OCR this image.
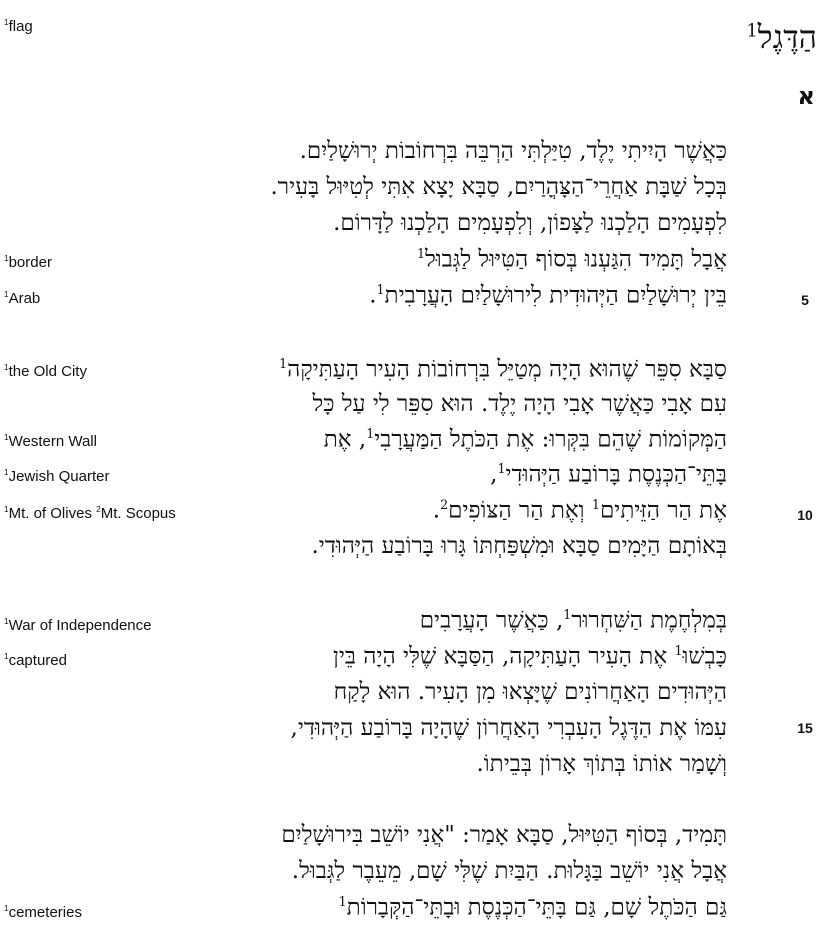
הַדֶּגֶל$^1$
א
$^1$flag
$^1$border
$^1$Arab
$^1$the Old City
$^1$Western Wall
$^1$Jewish Quarter
$^1$Mt. of Olives $^2$Mt. Scopus
$^1$War of Independence
$^1$captured
$^1$cemeteries
5
10
15
כַּאֲשֶׁר הָיִיתִי יֶלֶד, טִיַּלְתִּי הַרְבֵּה בִּרְחוֹבוֹת יְרוּשָׁלַיִם.
בְּכָל שַׁבָּת אַחֲרֵי־הַצָּהֳרַיִם, סַבָּא יָצָא אִתִּי לְטִיּוּל בָּעִיר.
לִפְעָמִים הָלַכְנוּ לַצָּפוֹן, וְלִפְעָמִים הָלַכְנוּ לַדָּרוֹם.
אֲבָל תָּמִיד הִגַּעְנוּ בְּסוֹף הַטִּיּוּל לַגְּבוּל$^1$
בֵּין יְרוּשָׁלַיִם הַיְּהוּדִית לִירוּשָׁלַיִם הָעֲרָבִית$^1$.
סַבָּא סִפֵּר שֶׁהוּא הָיָה מְטַיֵּל בִּרְחוֹבוֹת הָעִיר הָעַתִּיקָה$^1$
עִם אָבִי כַּאֲשֶׁר אָבִי הָיָה יֶלֶד. הוּא סִפֵּר לִי עַל כָּל
הַמְּקוֹמוֹת שֶׁהֵם בִּקְּרוּ: אֶת הַכֹּתֶל הַמַּעֲרָבִי$^1$, אֶת
בָּתֵּי־הַכְּנֶסֶת בָּרוֹבַע הַיְּהוּדִי$^1$,
אֶת הַר הַזֵּיתִים$^1$ וְאֶת הַר הַצּוֹפִים$^2$.
בְּאוֹתָם הַיָּמִים סַבָּא וּמִשְׁפַּחְתּוֹ גָּרוּ בָּרוֹבַע הַיְּהוּדִי.
בְּמִלְחֶמֶת הַשִּׁחְרוּר$^1$, כַּאֲשֶׁר הָעֲרָבִים
כָּבְשׁוּ$^1$ אֶת הָעִיר הָעַתִּיקָה, הַסַּבָּא שֶׁלִּי הָיָה בֵּין
הַיְּהוּדִים הָאַחֲרוֹנִים שֶׁיָּצְאוּ מִן הָעִיר. הוּא לָקַח
עִמּוֹ אֶת הַדֶּגֶל הָעִבְרִי הָאַחֲרוֹן שֶׁהָיָה בָּרוֹבַע הַיְּהוּדִי,
וְשָׁמַר אוֹתוֹ בְּתוֹךְ אָרוֹן בְּבֵיתוֹ.
תָּמִיד, בְּסוֹף הַטִּיּוּל, סַבָּא אָמַר: "אֲנִי יוֹשֵׁב בִּירוּשָׁלַיִם
אֲבָל אֲנִי יוֹשֵׁב בַּגָּלוּת. הַבַּיִת שֶׁלִּי שָׁם, מֵעֵבֶר לַגְּבוּל.
גַּם הַכֹּתֶל שָׁם, גַּם בָּתֵּי־הַכְּנֶסֶת וּבָתֵּי־הַקְּבָרוֹת$^1$
